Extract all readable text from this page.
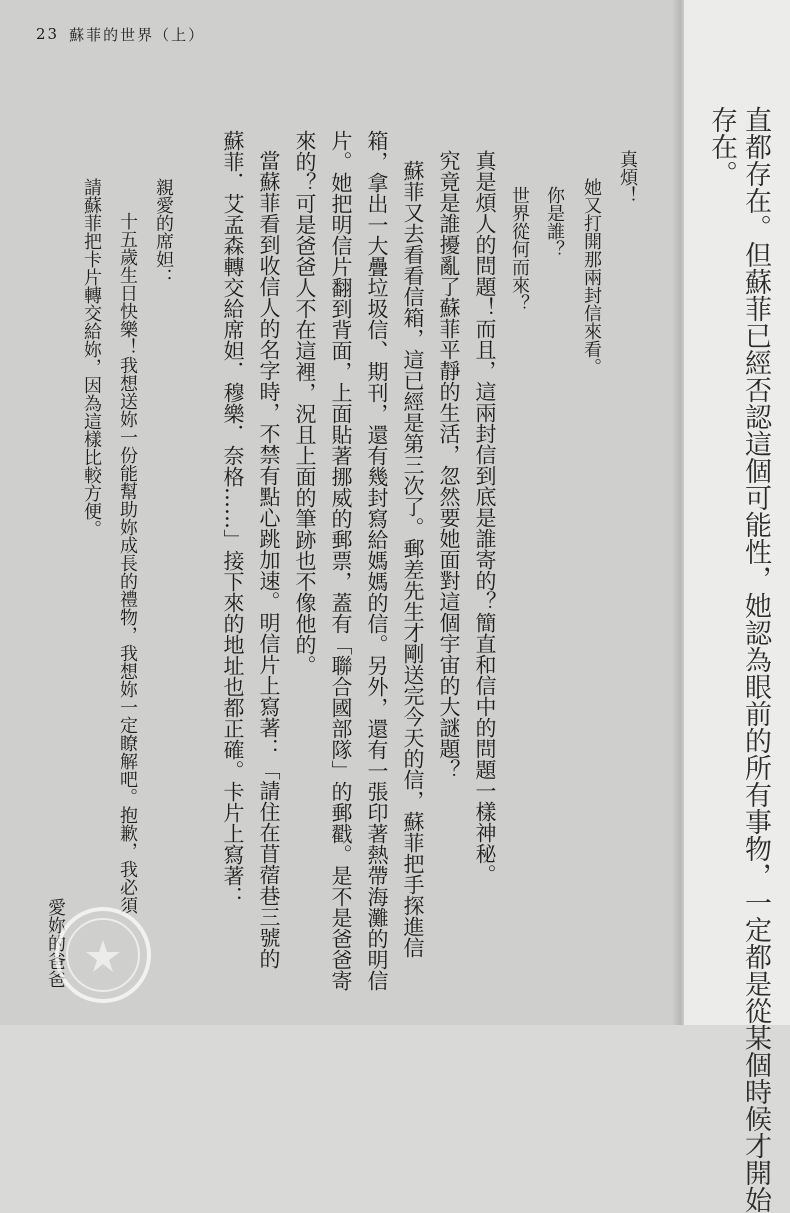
23 蘇菲的世界（上）
真煩！
她又打開那兩封信來看。
你是誰？
世界從何而來？
真是煩人的問題！而且，這兩封信到底是誰寄的？簡直和信中的問題一樣神秘。
究竟是誰擾亂了蘇菲平靜的生活，忽然要她面對這個宇宙的大謎題？
蘇菲又去看看信箱，這已經是第三次了。郵差先生才剛送完今天的信，蘇菲把手探進信
箱，拿出一大疊垃圾信、期刊，還有幾封寫給媽媽的信。另外，還有一張印著熱帶海灘的明信
片。她把明信片翻到背面，上面貼著挪威的郵票，蓋有「聯合國部隊」的郵戳。是不是爸爸寄
來的？可是爸爸人不在這裡，況且上面的筆跡也不像他的。
當蘇菲看到收信人的名字時，不禁有點心跳加速。明信片上寫著：「請住在苜蓿巷三號的
蘇菲．艾孟森轉交給席妲．穆樂．奈格……」接下來的地址也都正確。卡片上寫著：
親愛的席妲：
十五歲生日快樂！我想送妳一份能幫助妳成長的禮物，我想妳一定瞭解吧。抱歉，我必須
請蘇菲把卡片轉交給妳，因為這樣比較方便。
愛妳的爸爸	直都存在。但蘇菲已經否認這個可能性，她認為眼前的所有事物，一定都是從某個時候才開始
存在。
